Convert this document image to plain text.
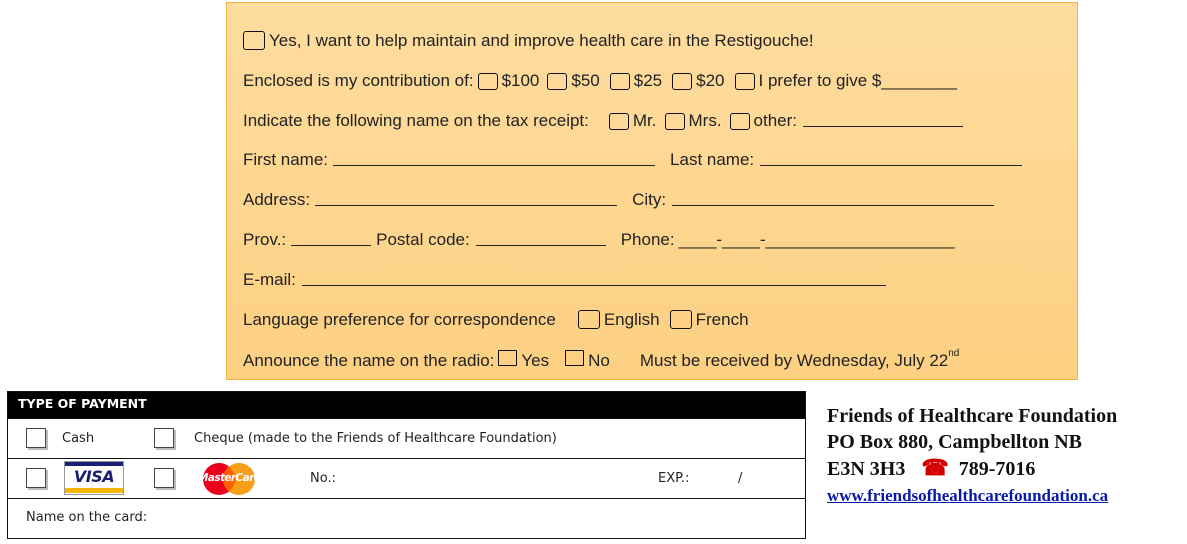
Yes, I want to help maintain and improve health care in the Restigouche!
Enclosed is my contribution of: $100 $50 $25 $20 I prefer to give $________
Indicate the following name on the tax receipt:	Mr. Mrs. other:
First name:	Last name:
Address:	City:
Prov.:	Postal code:	Phone: ____-____-____________________
E-mail:
Language preference for correspondence	English French
Announce the name on the radio: Yes No Must be received by Wednesday, July 22nd
TYPE OF PAYMENT
Cash	Cheque (made to the Friends of Healthcare Foundation)
VISA	MasterCard	No.:	EXP.:	/
Name on the card:
Friends of Healthcare Foundation
PO Box 880, Campbellton NB
E3N 3H3 ☎ 789-7016
www.friendsofhealthcarefoundation.ca
